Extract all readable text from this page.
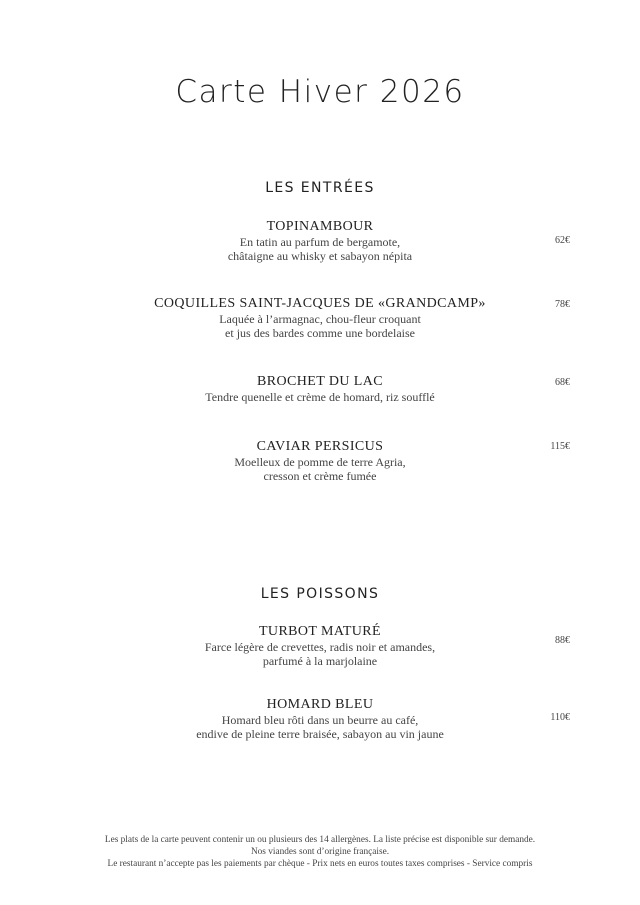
Carte Hiver 2026
LES ENTRÉES
TOPINAMBOUR
En tatin au parfum de bergamote,
châtaigne au whisky et sabayon népita
62€
COQUILLES SAINT-JACQUES DE «GRANDCAMP»
Laquée à l’armagnac, chou-fleur croquant
et jus des bardes comme une bordelaise
78€
BROCHET DU LAC
Tendre quenelle et crème de homard, riz soufflé
68€
CAVIAR PERSICUS
Moelleux de pomme de terre Agria,
cresson et crème fumée
115€
LES POISSONS
TURBOT MATURÉ
Farce légère de crevettes, radis noir et amandes,
parfumé à la marjolaine
88€
HOMARD BLEU
Homard bleu rôti dans un beurre au café,
endive de pleine terre braisée, sabayon au vin jaune
110€
Les plats de la carte peuvent contenir un ou plusieurs des 14 allergènes. La liste précise est disponible sur demande.
Nos viandes sont d’origine française.
Le restaurant n’accepte pas les paiements par chèque - Prix nets en euros toutes taxes comprises - Service compris
